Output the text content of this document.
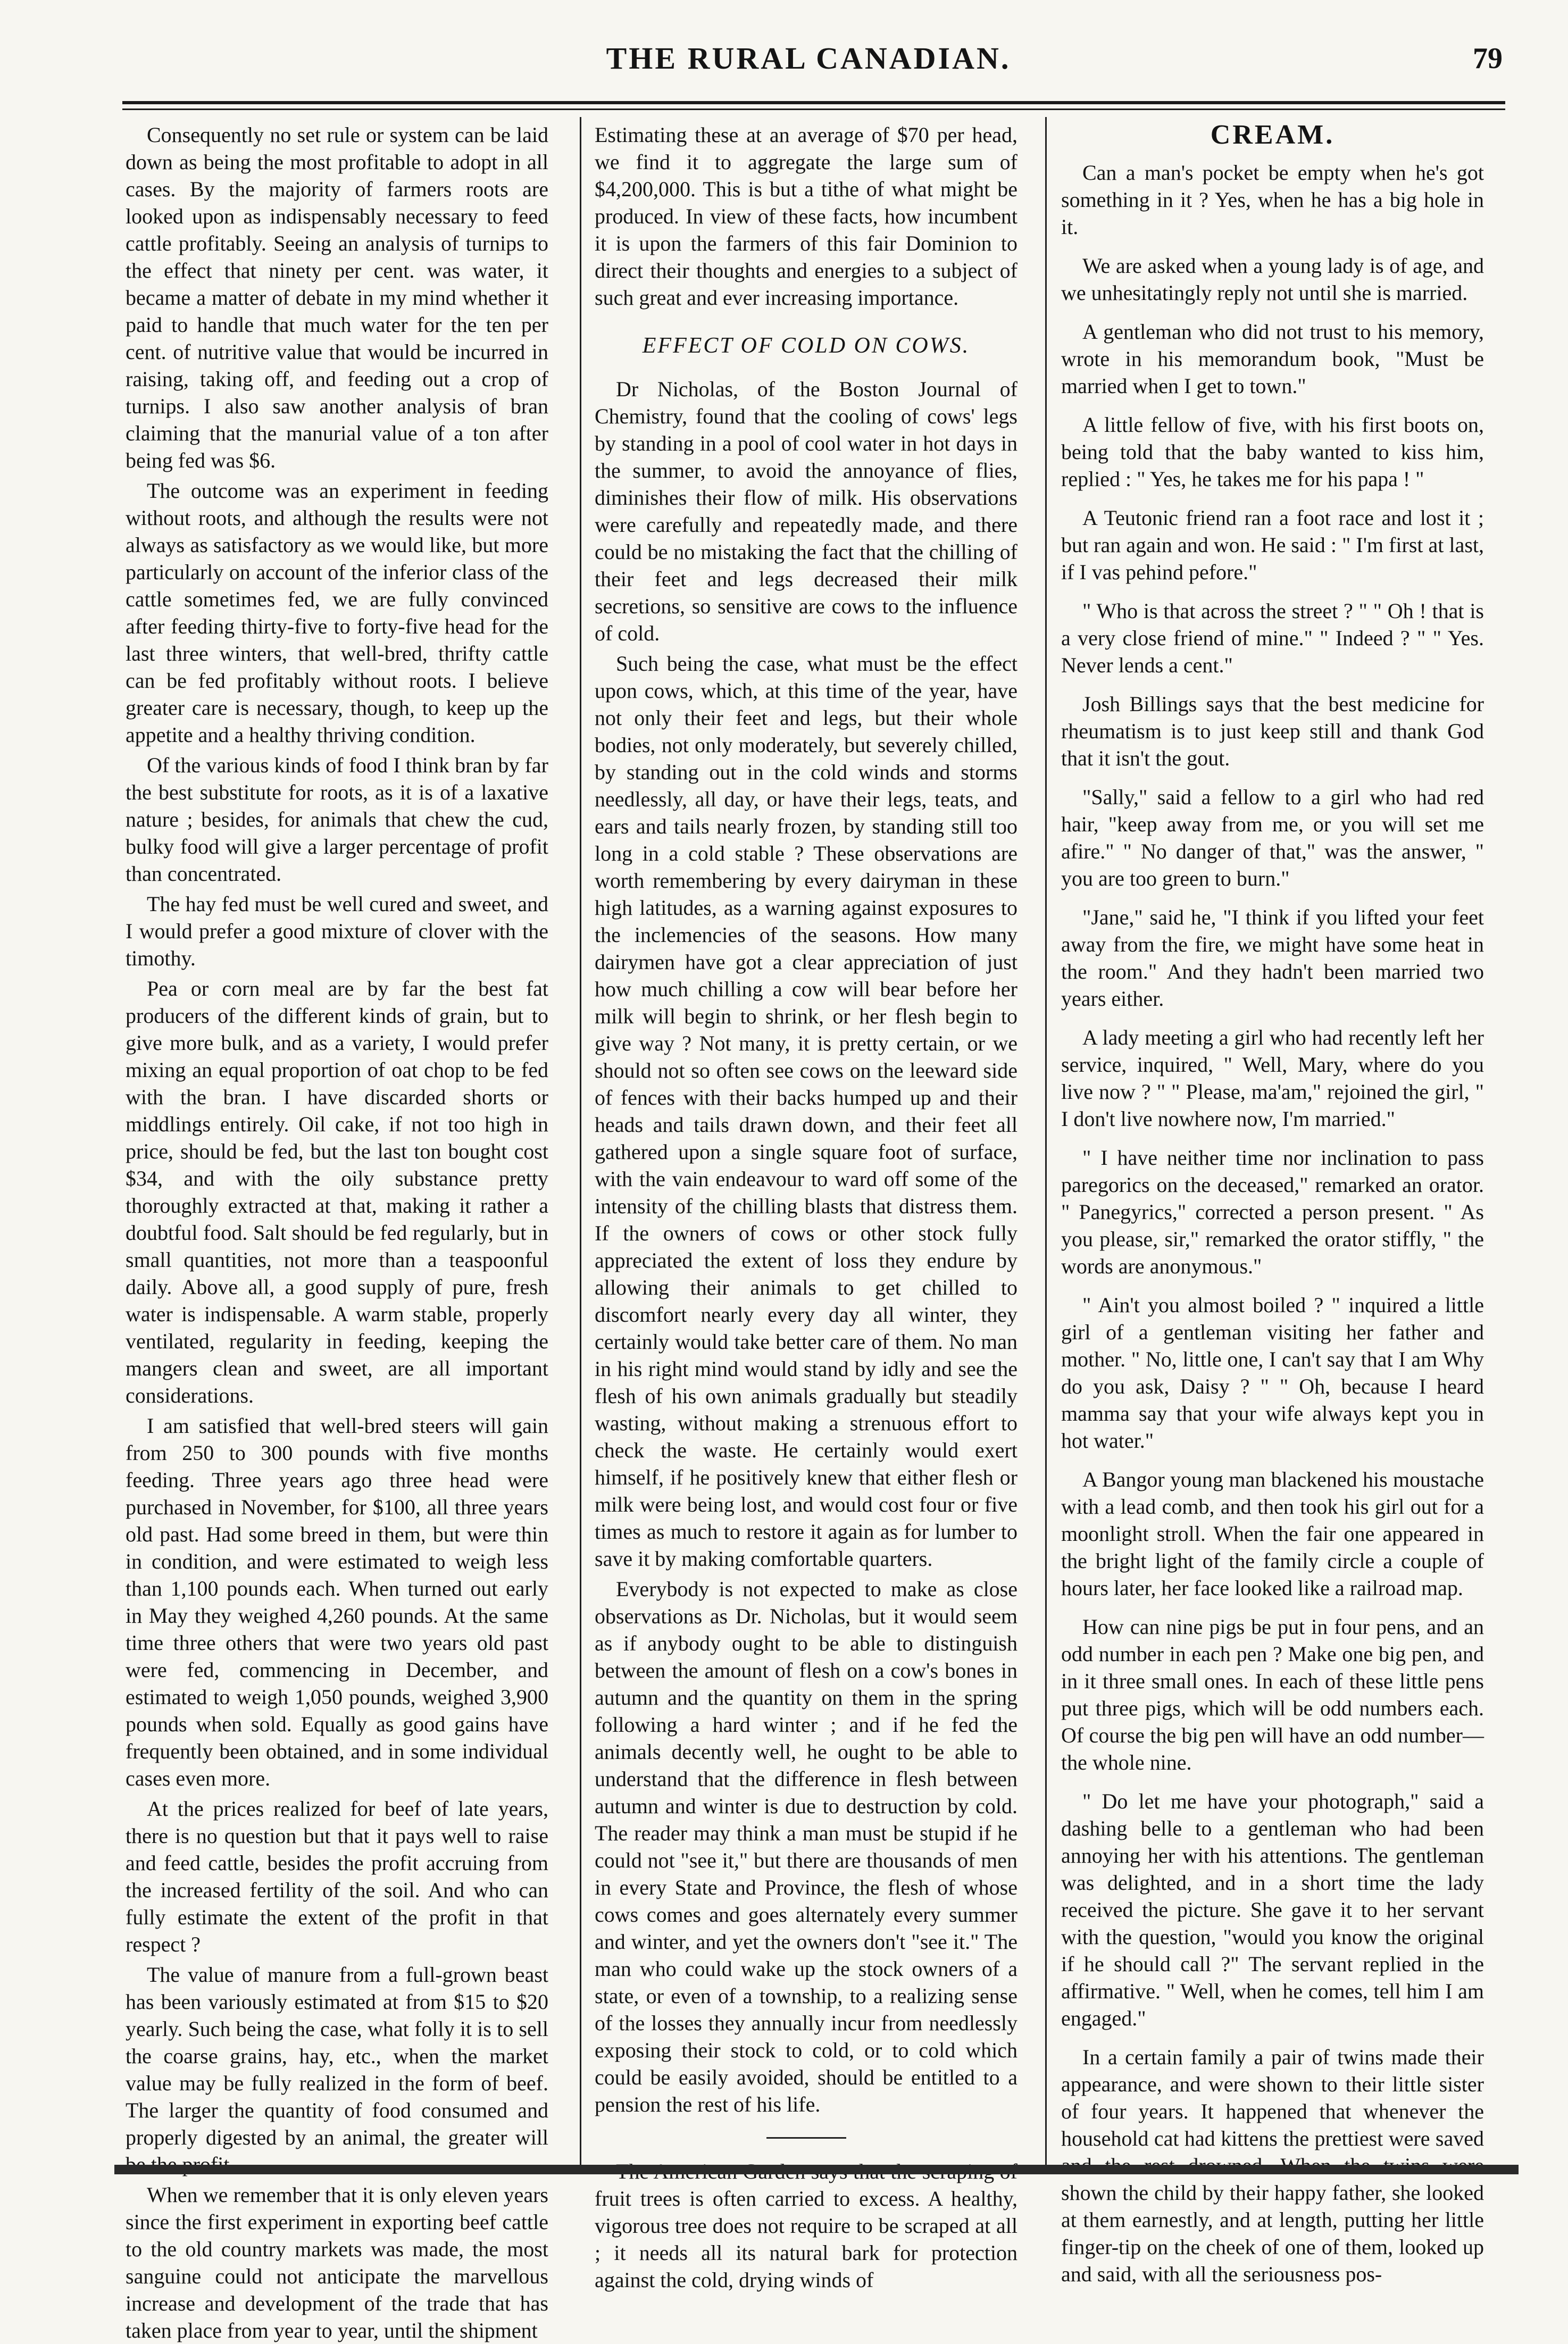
THE RURAL CANADIAN.	79

Consequently no set rule or system can be laid down as being the most profitable to adopt in all cases. By the majority of farmers roots are looked upon as indispensably necessary to feed cattle profitably. Seeing an analysis of turnips to the effect that ninety per cent. was water, it became a matter of debate in my mind whether it paid to handle that much water for the ten per cent. of nutritive value that would be incurred in raising, taking off, and feeding out a crop of turnips. I also saw another analysis of bran claiming that the manurial value of a ton after being fed was $6.

The outcome was an experiment in feeding without roots, and although the results were not always as satisfactory as we would like, but more particularly on account of the inferior class of the cattle sometimes fed, we are fully convinced after feeding thirty-five to forty-five head for the last three winters, that well-bred, thrifty cattle can be fed profitably without roots. I believe greater care is necessary, though, to keep up the appetite and a healthy thriving condition.

Of the various kinds of food I think bran by far the best substitute for roots, as it is of a laxative nature ; besides, for animals that chew the cud, bulky food will give a larger percentage of profit than concentrated.

The hay fed must be well cured and sweet, and I would prefer a good mixture of clover with the timothy.

Pea or corn meal are by far the best fat producers of the different kinds of grain, but to give more bulk, and as a variety, I would prefer mixing an equal proportion of oat chop to be fed with the bran. I have discarded shorts or middlings entirely. Oil cake, if not too high in price, should be fed, but the last ton bought cost $34, and with the oily substance pretty thoroughly extracted at that, making it rather a doubtful food. Salt should be fed regularly, but in small quantities, not more than a teaspoonful daily. Above all, a good supply of pure, fresh water is indispensable. A warm stable, properly ventilated, regularity in feeding, keeping the mangers clean and sweet, are all important considerations.

I am satisfied that well-bred steers will gain from 250 to 300 pounds with five months feeding. Three years ago three head were purchased in November, for $100, all three years old past. Had some breed in them, but were thin in condition, and were estimated to weigh less than 1,100 pounds each. When turned out early in May they weighed 4,260 pounds. At the same time three others that were two years old past were fed, commencing in December, and estimated to weigh 1,050 pounds, weighed 3,900 pounds when sold. Equally as good gains have frequently been obtained, and in some individual cases even more.

At the prices realized for beef of late years, there is no question but that it pays well to raise and feed cattle, besides the profit accruing from the increased fertility of the soil. And who can fully estimate the extent of the profit in that respect ?

The value of manure from a full-grown beast has been variously estimated at from $15 to $20 yearly. Such being the case, what folly it is to sell the coarse grains, hay, etc., when the market value may be fully realized in the form of beef. The larger the quantity of food consumed and properly digested by an animal, the greater will

When we remember that it is only eleven years since the first experiment in exporting beef cattle to the old country markets was made, the most sanguine could not anticipate the marvellous increase and development of the trade that has taken place from year to year, until the shipment

Estimating these at an average of $70 per head, we find it to aggregate the large sum of $4,200,000. This is but a tithe of what might be produced. In view of these facts, how incumbent it is upon the farmers of this fair Dominion to direct their thoughts and energies to a subject of such great and ever increasing importance.

EFFECT OF COLD ON COWS.

Dr Nicholas, of the Boston Journal of Chemistry, found that the cooling of cows' legs by standing in a pool of cool water in hot days in the summer, to avoid the annoyance of flies, diminishes their flow of milk. His observations were carefully and repeatedly made, and there could be no mistaking the fact that the chilling of their feet and legs decreased their milk secretions, so sensitive are cows to the influence of cold.

Such being the case, what must be the effect upon cows, which, at this time of the year, have not only their feet and legs, but their whole bodies, not only moderately, but severely chilled, by standing out in the cold winds and storms needlessly, all day, or have their legs, teats, and ears and tails nearly frozen, by standing still too long in a cold stable ? These observations are worth remembering by every dairyman in these high latitudes, as a warning against exposures to the inclemencies of the seasons. How many dairymen have got a clear appreciation of just how much chilling a cow will bear before her milk will begin to shrink, or her flesh begin to give way ? Not many, it is pretty certain, or we should not so often see cows on the leeward side of fences with their backs humped up and their heads and tails drawn down, and their feet all gathered upon a single square foot of surface, with the vain endeavour to ward off some of the intensity of the chilling blasts that distress them. If the owners of cows or other stock fully appreciated the extent of loss they endure by allowing their animals to get chilled to discomfort nearly every day all winter, they certainly would take better care of them. No man in his right mind would stand by idly and see the flesh of his own animals gradually but steadily wasting, without making a strenuous effort to check the waste. He certainly would exert himself, if he positively knew that either flesh or milk were being lost, and would cost four or five times as much to restore it again as for lumber to save it by making comfortable quarters.

Everybody is not expected to make as close observations as Dr. Nicholas, but it would seem as if anybody ought to be able to distinguish between the amount of flesh on a cow's bones in autumn and the quantity on them in the spring following a hard winter ; and if he fed the animals decently well, he ought to be able to understand that the difference in flesh between autumn and winter is due to destruction by cold. The reader may think a man must be stupid if he could not "see it," but there are thousands of men in every State and Province, the flesh of whose cows comes and goes alternately every summer and winter, and yet the owners don't "see it." The man who could wake up the stock owners of a state, or even of a township, to a realizing sense of the losses they annually incur from needlessly exposing their stock to cold, or to cold which could be easily avoided, should be entitled to a pension the rest of his life.

fruit trees is often carried to excess. A healthy, vigorous tree does not require to be scraped at all ; it needs all its natural bark for protection against the cold, drying winds of

CREAM.

Can a man's pocket be empty when he's got something in it ? Yes, when he has a big hole in it.

We are asked when a young lady is of age, and we unhesitatingly reply not until she is married.

A gentleman who did not trust to his memory, wrote in his memorandum book, "Must be married when I get to town."

A little fellow of five, with his first boots on, being told that the baby wanted to kiss him, replied : " Yes, he takes me for his papa ! "

A Teutonic friend ran a foot race and lost it ; but ran again and won. He said : " I'm first at last, if I vas pehind pefore."

" Who is that across the street ? " " Oh ! that is a very close friend of mine." " Indeed ? " " Yes. Never lends a cent."

Josh Billings says that the best medicine for rheumatism is to just keep still and thank God that it isn't the gout.

"Sally," said a fellow to a girl who had red hair, "keep away from me, or you will set me afire." " No danger of that," was the answer, " you are too green to burn."

"Jane," said he, "I think if you lifted your feet away from the fire, we might have some heat in the room." And they hadn't been married two years either.

A lady meeting a girl who had recently left her service, inquired, " Well, Mary, where do you live now ? " " Please, ma'am," rejoined the girl, " I don't live nowhere now, I'm married."

" I have neither time nor inclination to pass paregorics on the deceased," remarked an orator. " Panegyrics," corrected a person present. " As you please, sir," remarked the orator stiffly, " the words are anonymous."

" Ain't you almost boiled ? " inquired a little girl of a gentleman visiting her father and mother. " No, little one, I can't say that I am Why do you ask, Daisy ? " " Oh, because I heard mamma say that your wife always kept you in hot water."

A Bangor young man blackened his moustache with a lead comb, and then took his girl out for a moonlight stroll. When the fair one appeared in the bright light of the family circle a couple of hours later, her face looked like a railroad map.

How can nine pigs be put in four pens, and an odd number in each pen ? Make one big pen, and in it three small ones. In each of these little pens put three pigs, which will be odd numbers each. Of course the big pen will have an odd number—the whole nine.

" Do let me have your photograph," said a dashing belle to a gentleman who had been annoying her with his attentions. The gentleman was delighted, and in a short time the lady received the picture. She gave it to her servant with the question, "would you know the original if he should call ?" The servant replied in the affirmative. " Well, when he comes, tell him I am engaged."

In a certain family a pair of twins made their appearance, and were shown to their little sister of four years. It happened that whenever the household cat had kittens the prettiest were saved shown the child by their happy father, she looked at them earnestly, and at length, putting her little finger-tip on the cheek of one of them, looked up and said, with all the seriousness pos-
